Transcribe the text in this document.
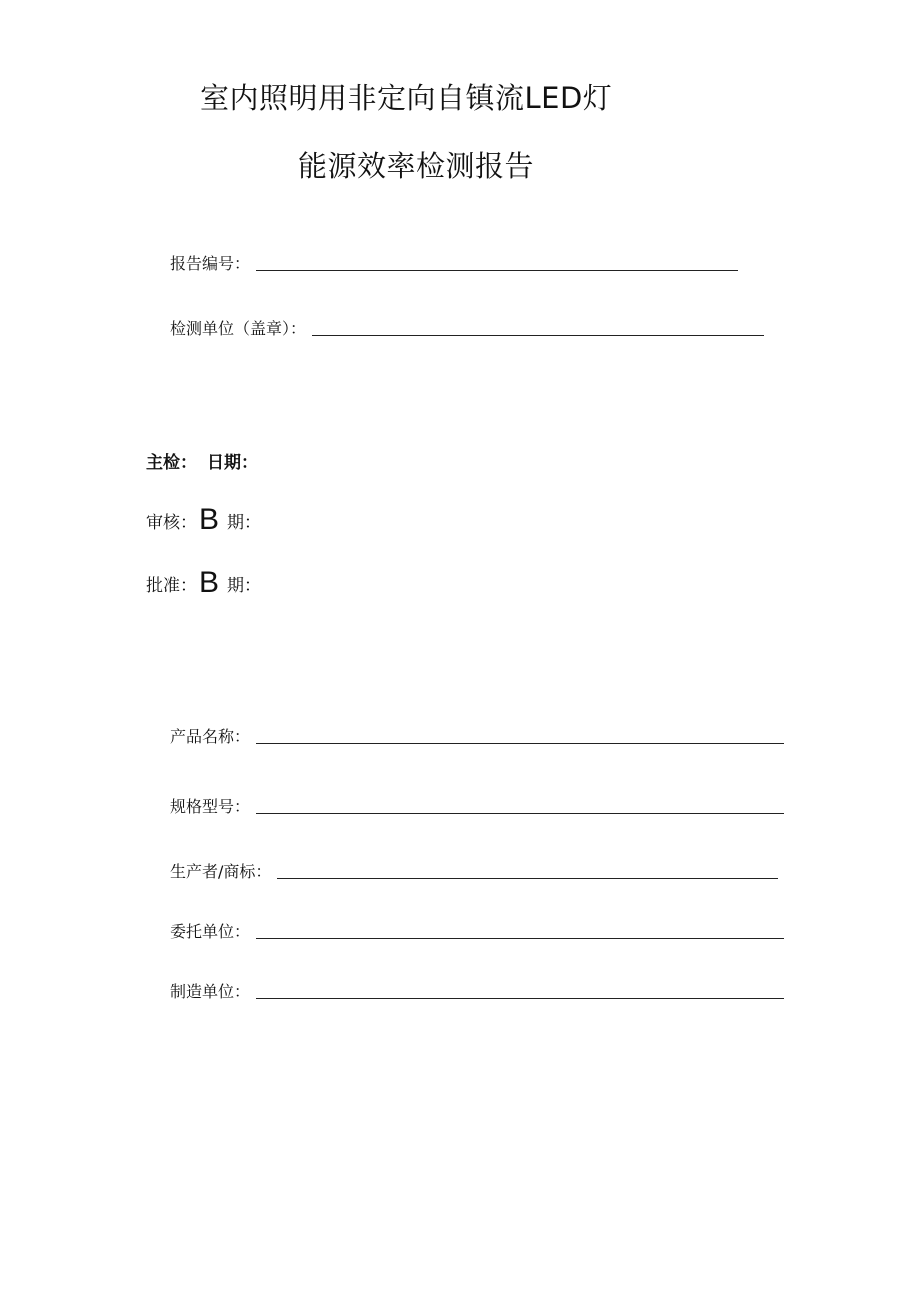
室内照明用非定向自镇流LED灯
能源效率检测报告
报告编号：
检测单位（盖章）：
主检： 日期：
审核： B 期：
批准： B 期：
产品名称：
规格型号：
生产者/商标：
委托单位：
制造单位：
